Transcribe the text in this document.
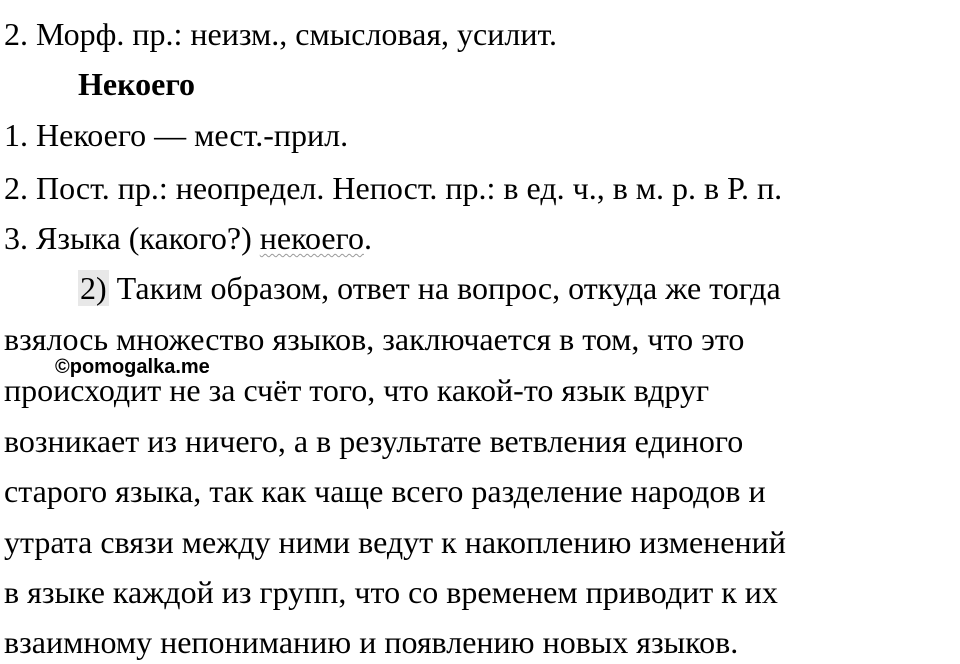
2. Морф. пр.: неизм., смысловая, усилит.
Некоего
1. Некоего — мест.-прил.
2. Пост. пр.: неопредел. Непост. пр.: в ед. ч., в м. р. в Р. п.
3. Языка (какого?) некоего.
2) Таким образом, ответ на вопрос, откуда же тогда
взялось множество языков, заключается в том, что это
происходит не за счёт того, что какой-то язык вдруг
возникает из ничего, а в результате ветвления единого
старого языка, так как чаще всего разделение народов и
утрата связи между ними ведут к накоплению изменений
в языке каждой из групп, что со временем приводит к их
взаимному непониманию и появлению новых языков.
©pomogalka.me
